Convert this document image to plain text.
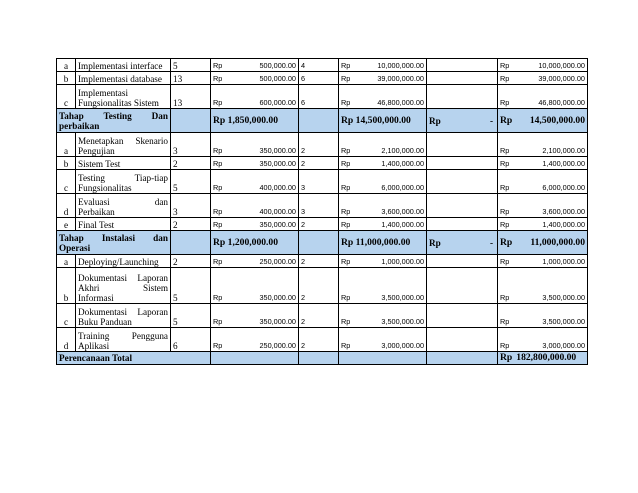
a	Implementasi interface	5	Rp 500,000.00	4	Rp 10,000,000.00		Rp 10,000,000.00

b	Implementasi database	13	Rp 500,000.00	6	Rp 39,000,000.00		Rp 39,000,000.00

c	Implementasi
Fungsionalitas Sistem	13	Rp 600,000.00	6	Rp 46,800,000.00		Rp 46,800,000.00

Tahap Testing Dan
perbaikan			Rp 1,850,000.00		Rp 14,500,000.00	Rp -	Rp 14,500,000.00

a	Menetapkan Skenario
Pengujian	3	Rp 350,000.00	2	Rp 2,100,000.00		Rp 2,100,000.00

b	Sistem Test	2	Rp 350,000.00	2	Rp 1,400,000.00		Rp 1,400,000.00

c	Testing Tiap-tiap
Fungsionalitas	5	Rp 400,000.00	3	Rp 6,000,000.00		Rp 6,000,000.00

d	Evaluasi dan
Perbaikan	3	Rp 400,000.00	3	Rp 3,600,000.00		Rp 3,600,000.00

e	Final Test	2	Rp 350,000.00	2	Rp 1,400,000.00		Rp 1,400,000.00

Tahap Instalasi dan
Operasi			Rp 1,200,000.00		Rp 11,000,000.00	Rp -	Rp 11,000,000.00

a	Deploying/Launching	2	Rp 250,000.00	2	Rp 1,000,000.00		Rp 1,000,000.00

b	Dokumentasi Laporan
Akhri Sistem
Informasi	5	Rp 350,000.00	2	Rp 3,500,000.00		Rp 3,500,000.00

c	Dokumentasi Laporan
Buku Panduan	5	Rp 350,000.00	2	Rp 3,500,000.00		Rp 3,500,000.00

d	Training Pengguna
Aplikasi	6	Rp 250,000.00	2	Rp 3,000,000.00		Rp 3,000,000.00

Perencanaan Total							Rp 182,800,000.00
